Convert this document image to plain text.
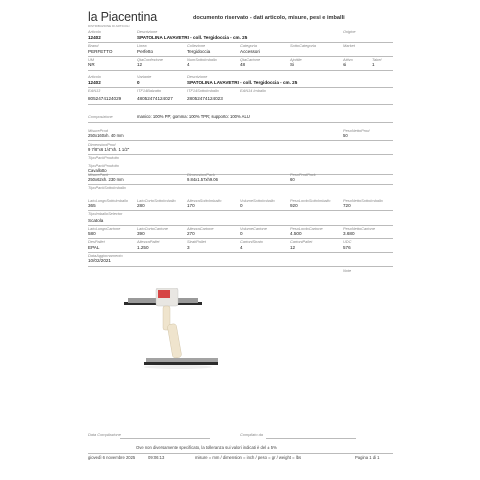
la Piacentina
DISTRIBUZIONE DI ARTICOLI
documento riservato - dati articolo, misure, pesi e imballi
Articolo	Descrizione	Origine
12402	SPATOLINA LAVAVETRI - coll. Tergidoccia - cm. 25
Brand	Linea	Collezione	Categoria	SottoCategoria	Market
PERFETTO	Perfetto	Tergidoccia	Accessori
UM	QtaConfezione	NumSottoImballo	QtaCartone	Ajottile	Attivo	Tabel
NR	12	4	48	Si	si	1
Articolo	Variante	Descrizione
12402	0	SPATOLINA LAVAVETRI - coll. Tergidoccia - cm. 25
EAN13	ITF14Balzatto	ITF14SottoImballo	EAN14 Imballo
8052474124029	48052474124027	28052474124023
Composizione	manico: 100% PP; gomma: 100% TPR; supporto: 100% ALU
MisureProd	PesoNettoProd
250x160xh. 40 mm	50
DimensioniProd
9 7/8"x6 1/4"xh. 1 1/2"
TipoPackProdotto
TipoPackProdotto
Cavallotto
MisurePack	DimensioniPack	PesoProdPack
250x62xh. 230 mm	9.84x1.57xh9.06	60
TipoPackSottoImballo
LatoLungoSottoImballo LatoCortoSottoImballo	AltezzaSottoImballo	VolumeSottoImballo	PesoLordoSottoImballo	PesoNettoSottoImballo
365	280	170	0	920	720
TipoImballoSelector
Scatola
LatoLungoCartone	LatoCortoCartone	AltezzaCartone	VolumeCartone	PesoLordoCartone	PesoNettoCartone
580	390	270	0	4.500	3.680
DesPallet	AltezzaPallet	StratiPallet	CartoniStrato	CartoniPallet	UDC
EPAL	1.250	3	4	12	576
DataAggiornamento
10/02/2021
Note
Data Compilazione	Compilato da
Ove non diversamente specificato, la tolleranza sui valori indicati è del ± 5%
giovedì 6 novembre 2025	09:06:13	misure = mm / dimension = inch / peso = gr / weight = lbs	Pagina 1 di 1
